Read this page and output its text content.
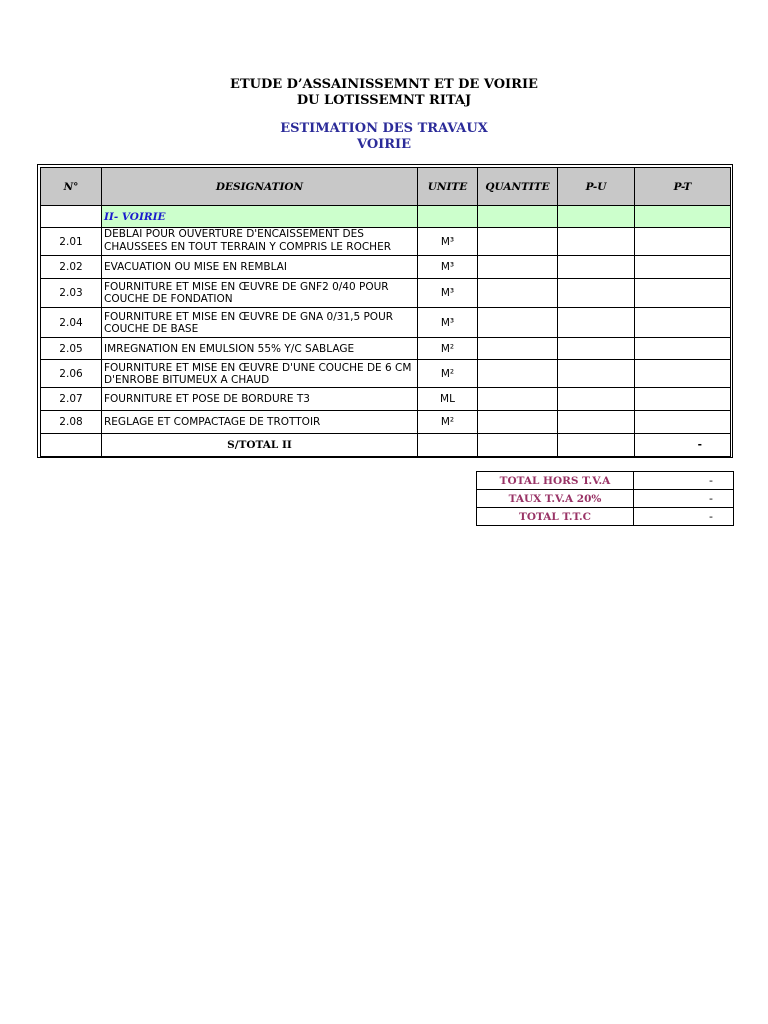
ETUDE D’ASSAINISSEMNT ET DE VOIRIE
DU LOTISSEMNT RITAJ
ESTIMATION DES TRAVAUX
VOIRIE
N°	DESIGNATION	UNITE	QUANTITE	P-U	P-T
	II- VOIRIE				
2.01	DEBLAI POUR OUVERTURE D'ENCAISSEMENT DES CHAUSSEES EN TOUT TERRAIN Y COMPRIS LE ROCHER	M³			
2.02	EVACUATION OU MISE EN REMBLAI	M³			
2.03	FOURNITURE ET MISE EN ŒUVRE DE GNF2 0/40 POUR COUCHE DE FONDATION	M³			
2.04	FOURNITURE ET MISE EN ŒUVRE DE GNA 0/31,5 POUR COUCHE DE BASE	M³			
2.05	IMREGNATION EN EMULSION 55% Y/C SABLAGE	M²			
2.06	FOURNITURE ET MISE EN ŒUVRE D'UNE COUCHE DE 6 CM D'ENROBE BITUMEUX A CHAUD	M²			
2.07	FOURNITURE ET POSE DE BORDURE T3	ML			
2.08	REGLAGE ET COMPACTAGE DE TROTTOIR	M²			
	S/TOTAL II				-
TOTAL HORS T.V.A	-
TAUX T.V.A 20%	-
TOTAL T.T.C	-
